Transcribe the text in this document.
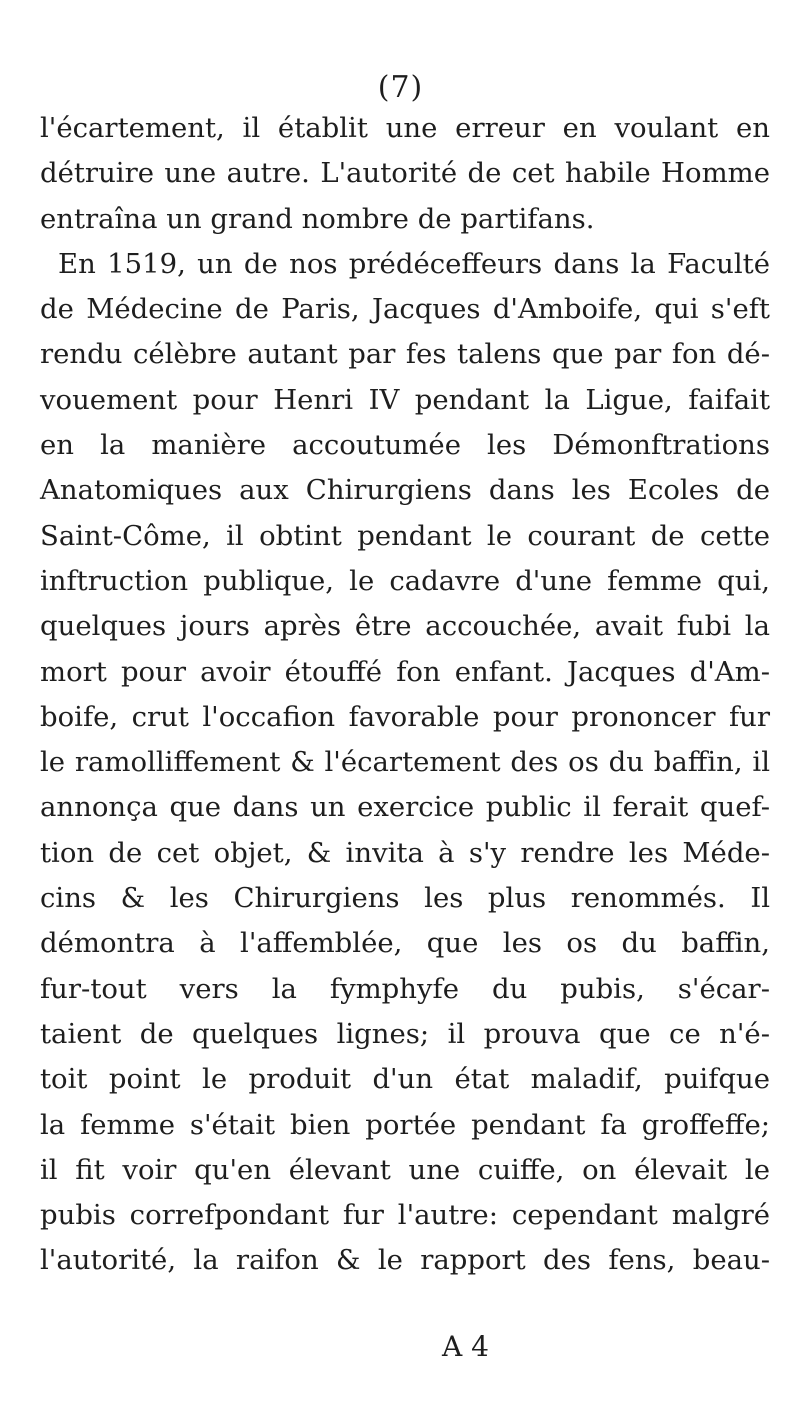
(7)
l'écartement, il établit une erreur en voulant en
détruire une autre. L'autorité de cet habile Homme
entraîna un grand nombre de partifans.
En 1519, un de nos prédéceffeurs dans la Faculté
de Médecine de Paris, Jacques d'Amboife, qui s'eft
rendu célèbre autant par fes talens que par fon dé-
vouement pour Henri IV pendant la Ligue, faifait
en la manière accoutumée les Démonftrations
Anatomiques aux Chirurgiens dans les Ecoles de
Saint-Côme, il obtint pendant le courant de cette
inftruction publique, le cadavre d'une femme qui,
quelques jours après être accouchée, avait fubi la
mort pour avoir étouffé fon enfant. Jacques d'Am-
boife, crut l'occafion favorable pour prononcer fur
le ramolliffement & l'écartement des os du baffin, il
annonça que dans un exercice public il ferait quef-
tion de cet objet, & invita à s'y rendre les Méde-
cins & les Chirurgiens les plus renommés. Il
démontra à l'affemblée, que les os du baffin,
fur-tout vers la fymphyfe du pubis, s'écar-
taient de quelques lignes; il prouva que ce n'é-
toit point le produit d'un état maladif, puifque
la femme s'était bien portée pendant fa groffeffe;
il fit voir qu'en élevant une cuiffe, on élevait le
pubis correfpondant fur l'autre: cependant malgré
l'autorité, la raifon & le rapport des fens, beau-
A 4
